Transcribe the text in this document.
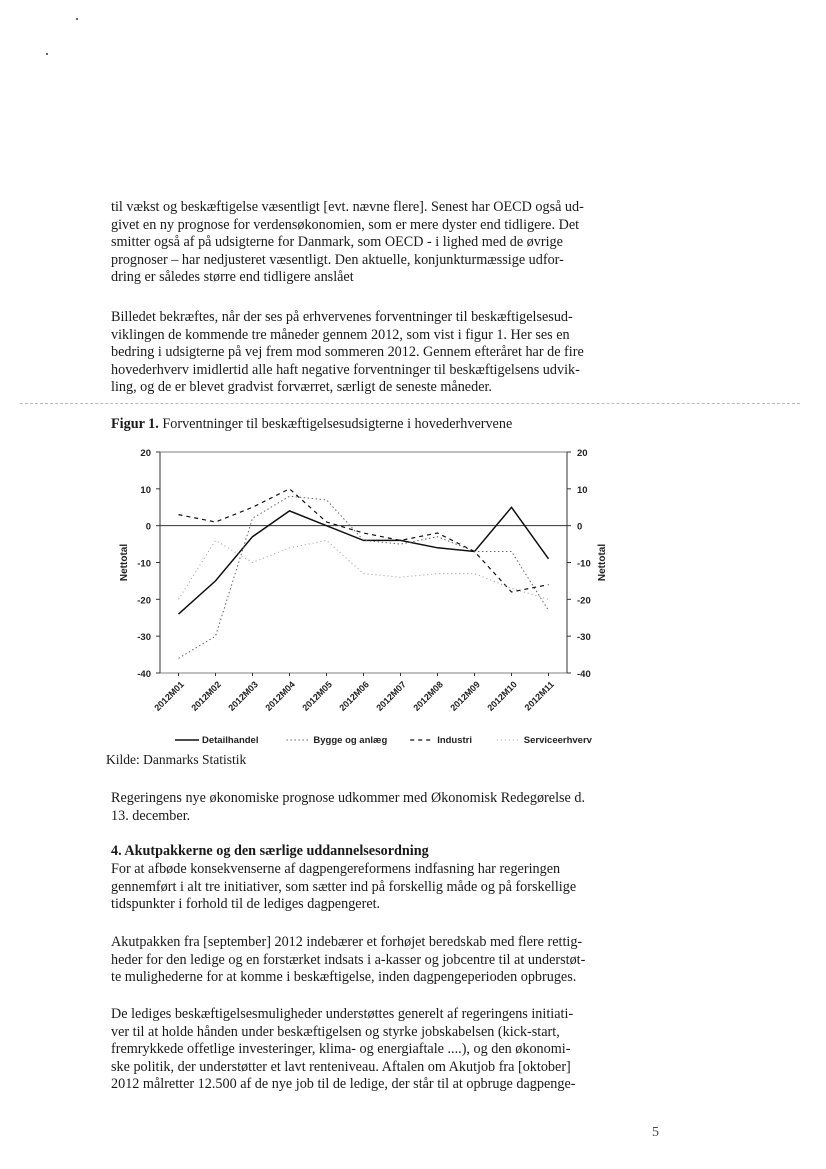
til vækst og beskæftigelse væsentligt [evt. nævne flere]. Senest har OECD også ud-
givet en ny prognose for verdensøkonomien, som er mere dyster end tidligere. Det
smitter også af på udsigterne for Danmark, som OECD - i lighed med de øvrige
prognoser – har nedjusteret væsentligt. Den aktuelle, konjunkturmæssige udfor-
dring er således større end tidligere anslået

Billedet bekræftes, når der ses på erhvervenes forventninger til beskæftigelsesud-
viklingen de kommende tre måneder gennem 2012, som vist i figur 1. Her ses en
bedring i udsigterne på vej frem mod sommeren 2012. Gennem efteråret har de fire
hovederhverv imidlertid alle haft negative forventninger til beskæftigelsens udvik-
ling, og de er blevet gradvist forværret, særligt de seneste måneder.

Figur 1. Forventninger til beskæftigelsesudsigterne i hovederhvervene
20	20
10	10
0	0
-10	-10
-20	-20
-30	-30
-40	-40
Nettotal	Nettotal
2012M01 2012M02 2012M03 2012M04 2012M05 2012M06 2012M07 2012M08 2012M09 2012M10 2012M11
Detailhandel	Bygge og anlæg	Industri	Serviceerhverv
Kilde: Danmarks Statistik

Regeringens nye økonomiske prognose udkommer med Økonomisk Redegørelse d.
13. december.

4. Akutpakkerne og den særlige uddannelsesordning

For at afbøde konsekvenserne af dagpengereformens indfasning har regeringen
gennemført i alt tre initiativer, som sætter ind på forskellig måde og på forskellige
tidspunkter i forhold til de lediges dagpengeret.

Akutpakken fra [september] 2012 indebærer et forhøjet beredskab med flere rettig-
heder for den ledige og en forstærket indsats i a-kasser og jobcentre til at understøt-
te mulighederne for at komme i beskæftigelse, inden dagpengeperioden opbruges.

De lediges beskæftigelsesmuligheder understøttes generelt af regeringens initiati-
ver til at holde hånden under beskæftigelsen og styrke jobskabelsen (kick-start,
fremrykkede offetlige investeringer, klima- og energiaftale ....), og den økonomi-
ske politik, der understøtter et lavt renteniveau. Aftalen om Akutjob fra [oktober]
2012 målretter 12.500 af de nye job til de ledige, der står til at opbruge dagpenge-

5
